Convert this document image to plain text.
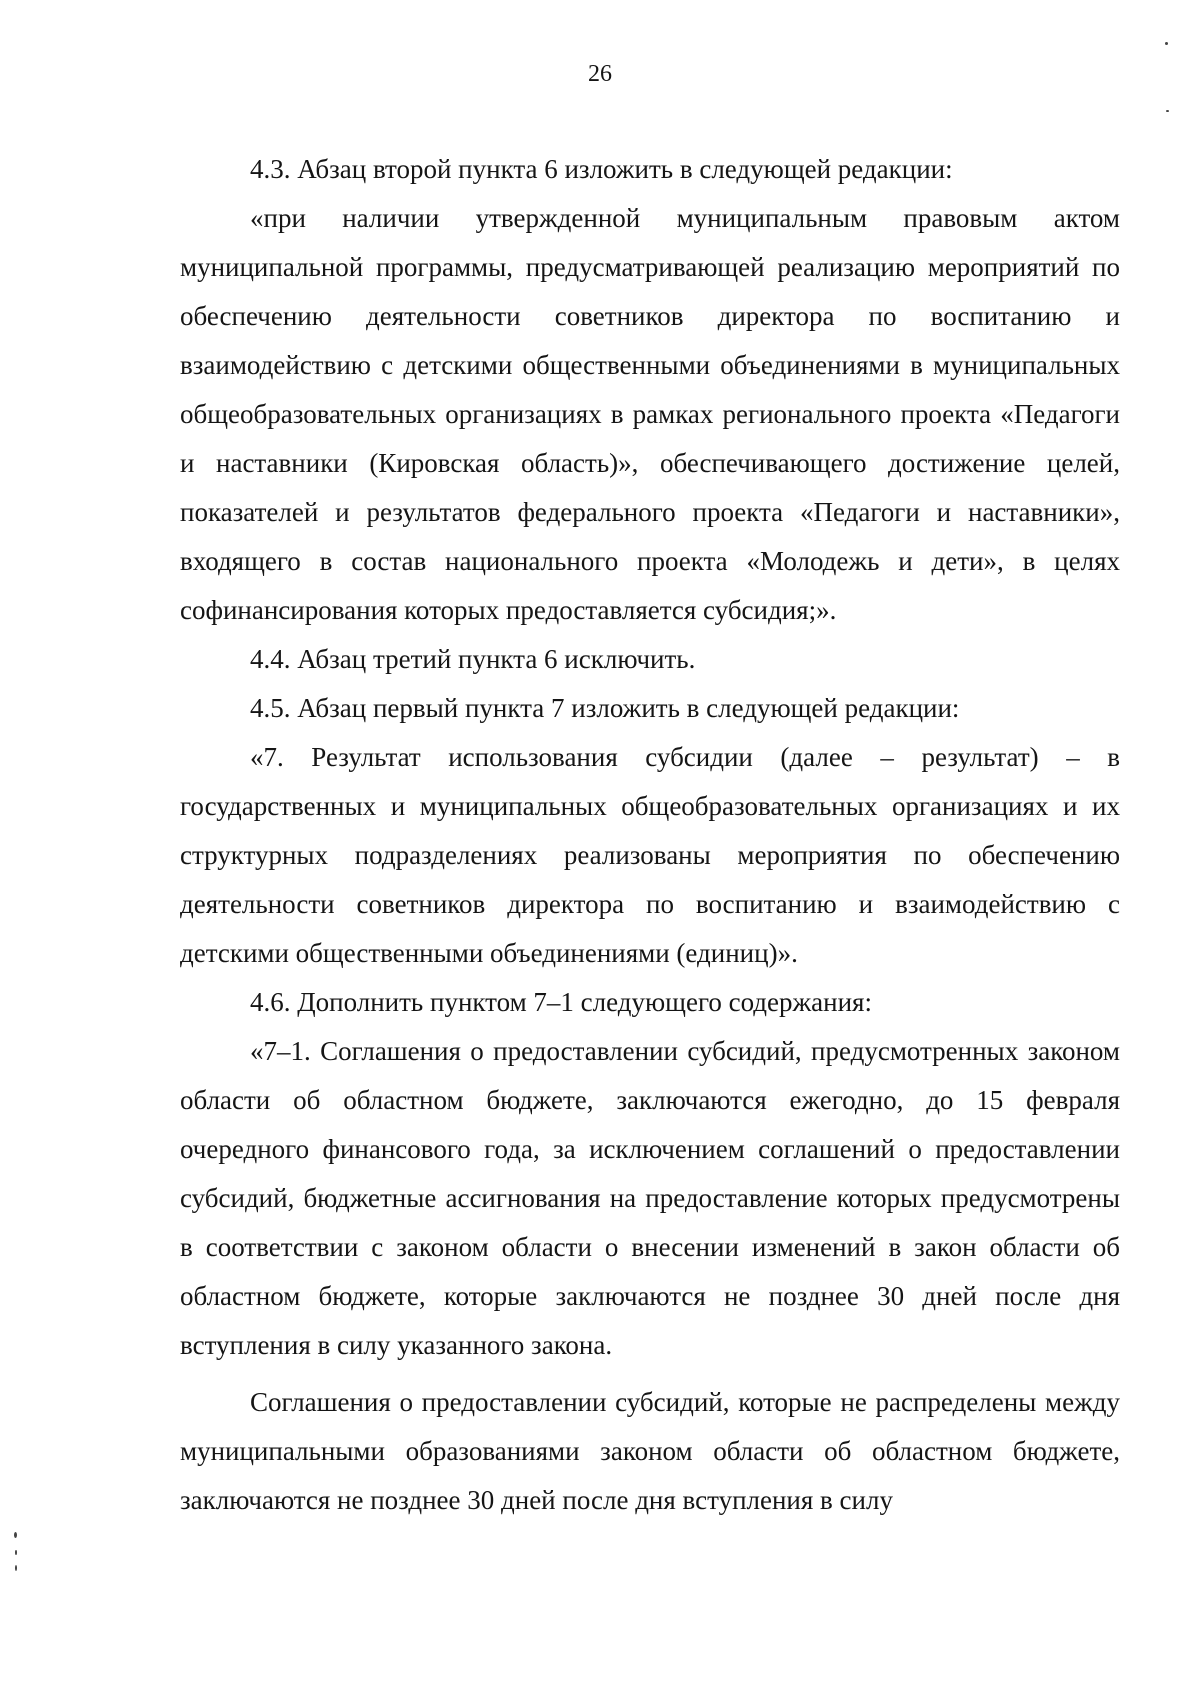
26

4.3. Абзац второй пункта 6 изложить в следующей редакции:

«при наличии утвержденной муниципальным правовым актом муниципальной программы, предусматривающей реализацию мероприятий по обеспечению деятельности советников директора по воспитанию и взаимодействию с детскими общественными объединениями в муниципальных общеобразовательных организациях в рамках регионального проекта «Педагоги и наставники (Кировская область)», обеспечивающего достижение целей, показателей и результатов федерального проекта «Педагоги и наставники», входящего в состав национального проекта «Молодежь и дети», в целях софинансирования которых предоставляется субсидия;».

4.4. Абзац третий пункта 6 исключить.

4.5. Абзац первый пункта 7 изложить в следующей редакции:

«7. Результат использования субсидии (далее – результат) – в государственных и муниципальных общеобразовательных организациях и их структурных подразделениях реализованы мероприятия по обеспечению деятельности советников директора по воспитанию и взаимодействию с детскими общественными объединениями (единиц)».

4.6. Дополнить пунктом 7–1 следующего содержания:

«7–1. Соглашения о предоставлении субсидий, предусмотренных законом области об областном бюджете, заключаются ежегодно, до 15 февраля очередного финансового года, за исключением соглашений о предоставлении субсидий, бюджетные ассигнования на предоставление которых предусмотрены в соответствии с законом области о внесении изменений в закон области об областном бюджете, которые заключаются не позднее 30 дней после дня вступления в силу указанного закона.

Соглашения о предоставлении субсидий, которые не распределены между муниципальными образованиями законом области об областном бюджете, заключаются не позднее 30 дней после дня вступления в силу
